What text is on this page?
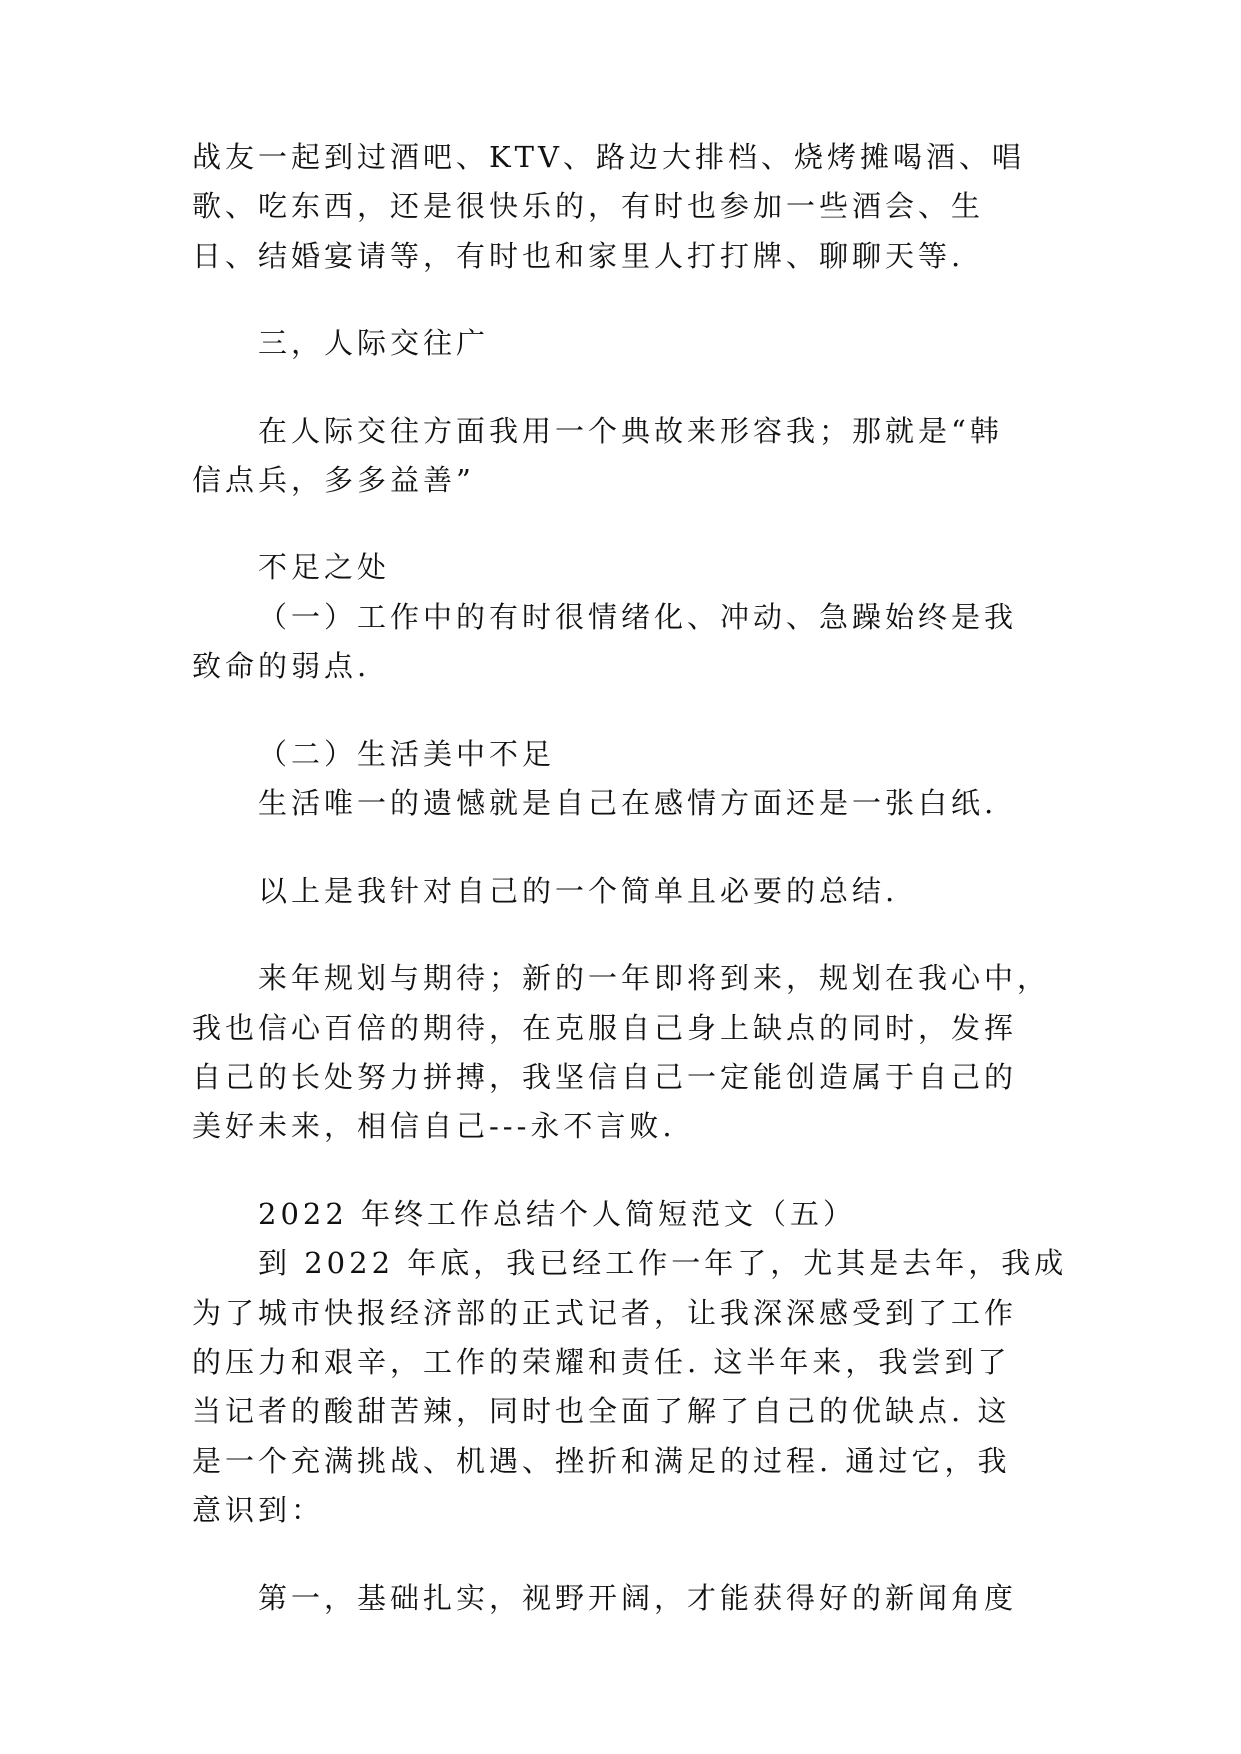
战友一起到过酒吧、KTV、路边大排档、烧烤摊喝酒、唱
歌、吃东西，还是很快乐的，有时也参加一些酒会、生
日、结婚宴请等，有时也和家里人打打牌、聊聊天等.
三，人际交往广
在人际交往方面我用一个典故来形容我；那就是“韩
信点兵，多多益善”
不足之处
（一）工作中的有时很情绪化、冲动、急躁始终是我
致命的弱点.
（二）生活美中不足
生活唯一的遗憾就是自己在感情方面还是一张白纸.
以上是我针对自己的一个简单且必要的总结.
来年规划与期待；新的一年即将到来，规划在我心中，
我也信心百倍的期待，在克服自己身上缺点的同时，发挥
自己的长处努力拼搏，我坚信自己一定能创造属于自己的
美好未来，相信自己---永不言败.
2022 年终工作总结个人简短范文（五）
到 2022 年底，我已经工作一年了，尤其是去年，我成
为了城市快报经济部的正式记者，让我深深感受到了工作
的压力和艰辛，工作的荣耀和责任. 这半年来，我尝到了
当记者的酸甜苦辣，同时也全面了解了自己的优缺点. 这
是一个充满挑战、机遇、挫折和满足的过程. 通过它，我
意识到：
第一，基础扎实，视野开阔，才能获得好的新闻角度
